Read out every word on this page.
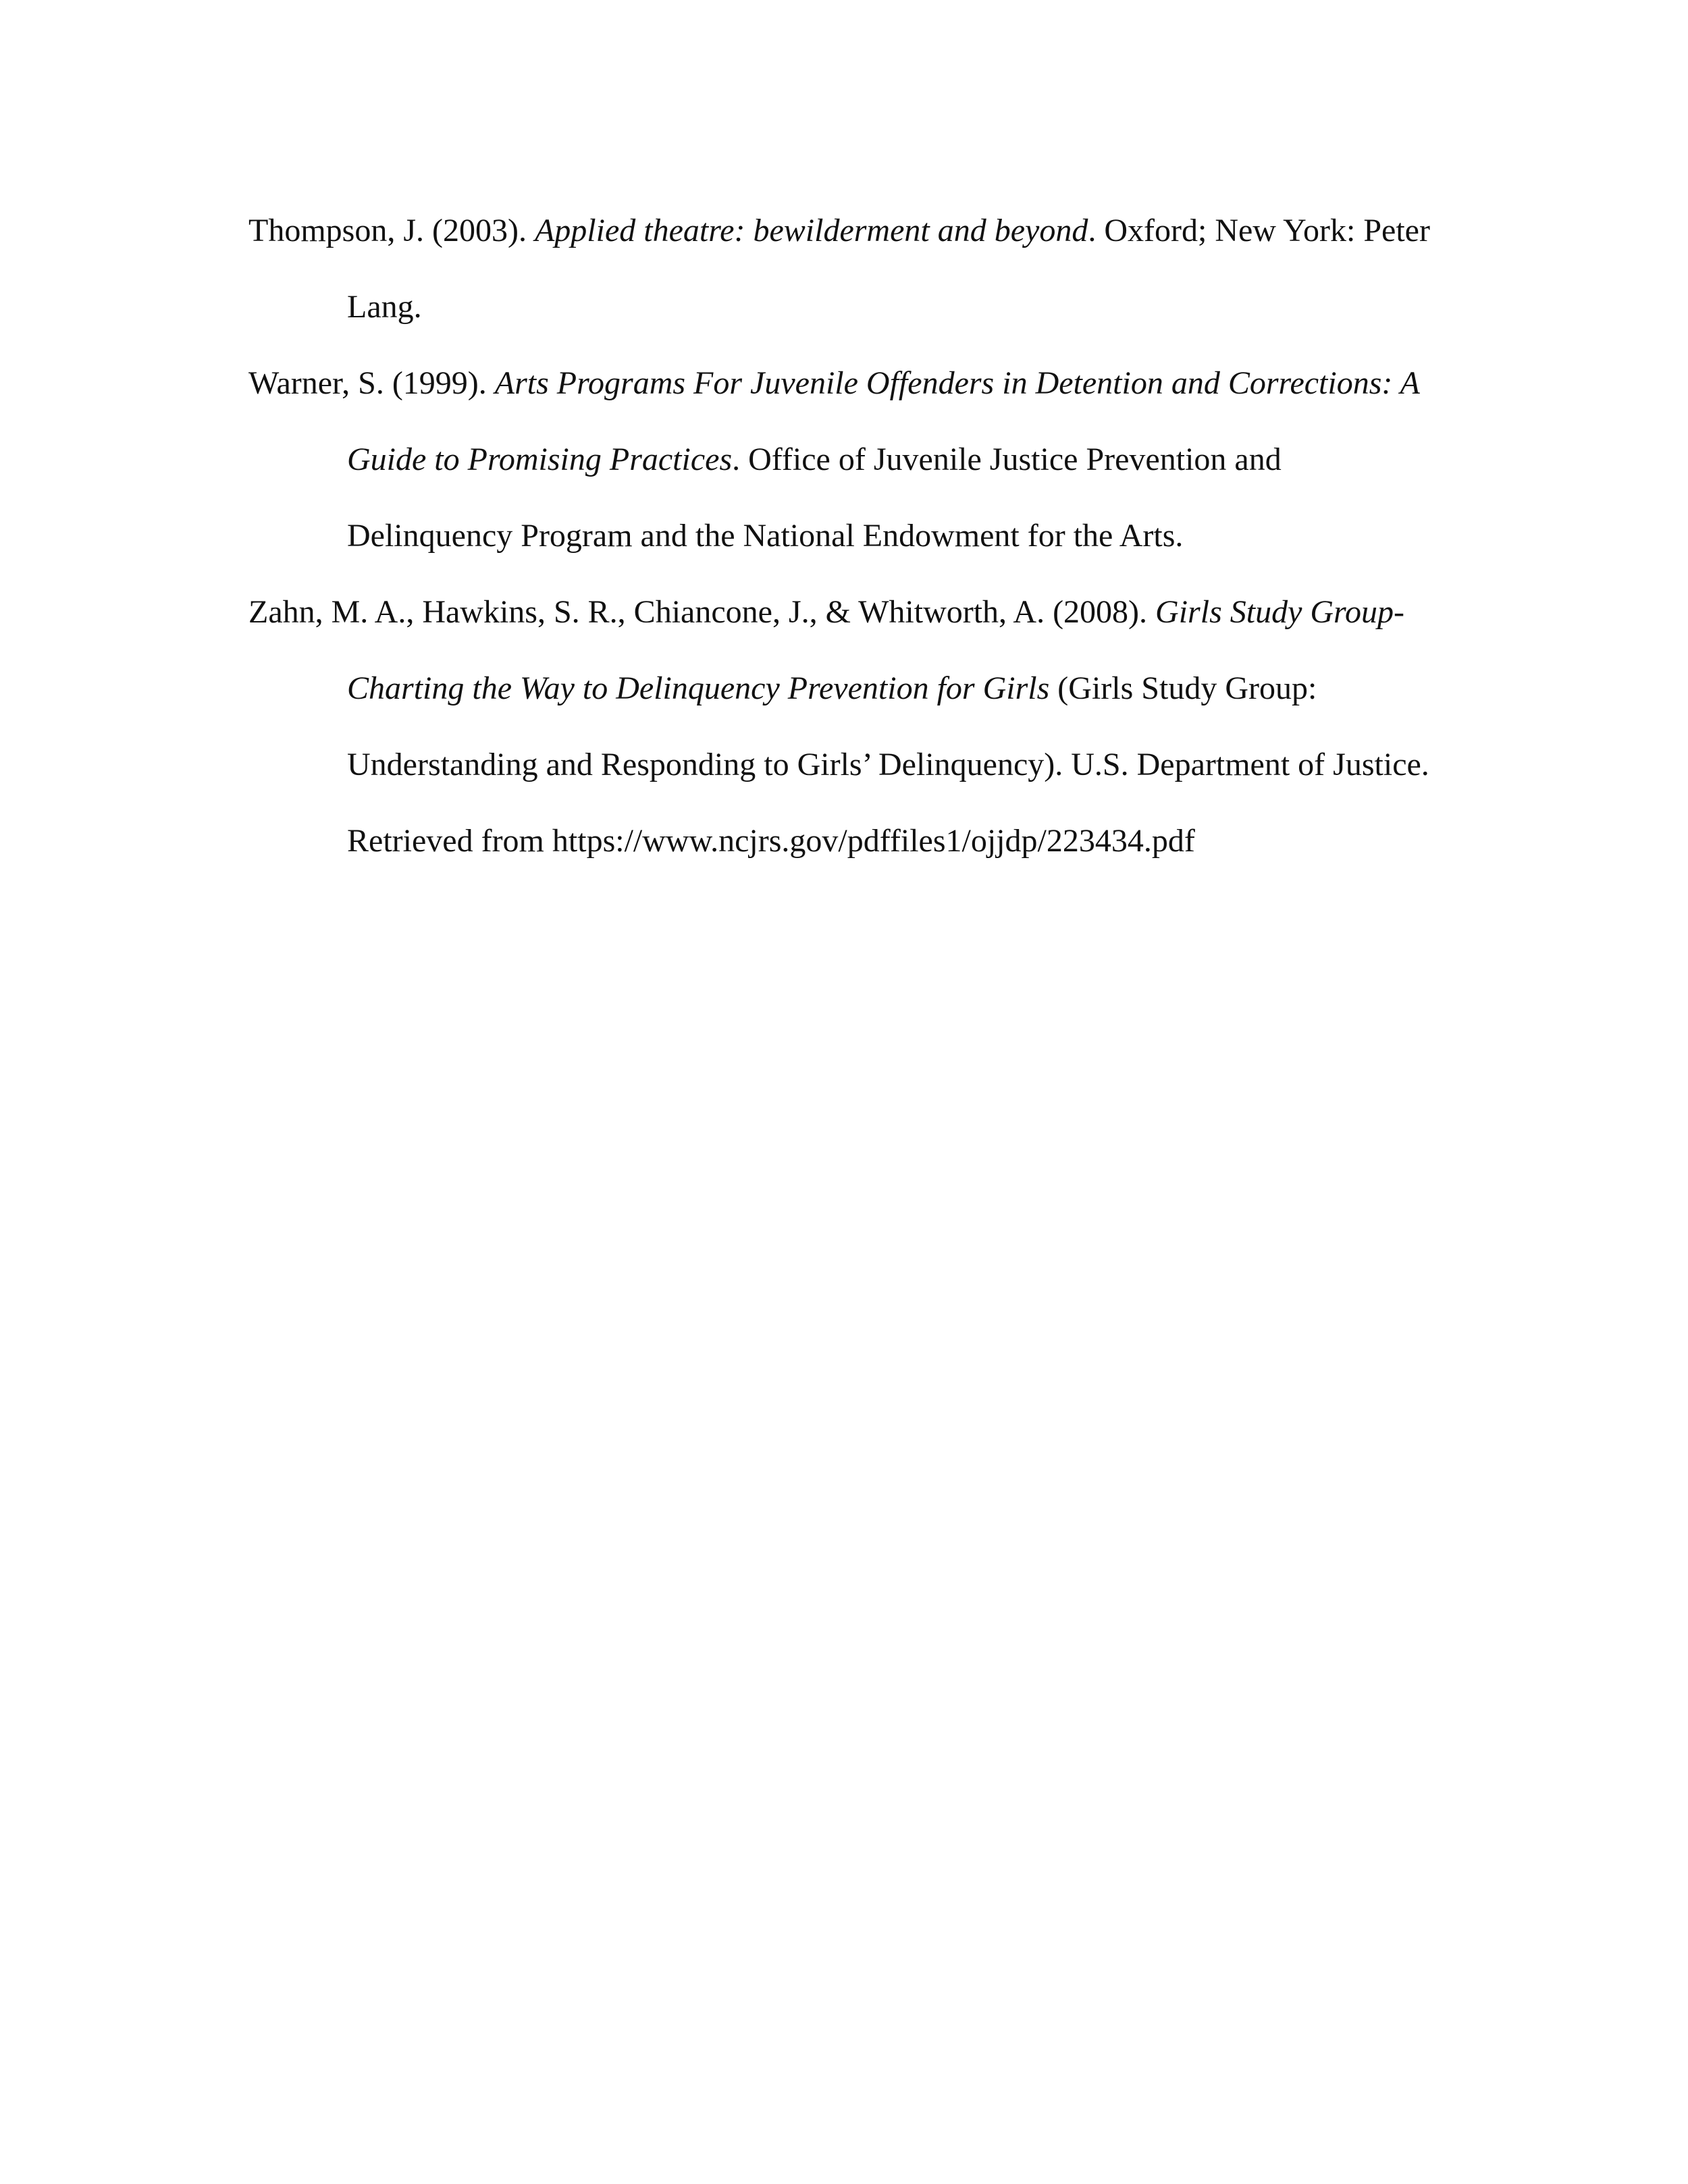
Thompson, J. (2003). Applied theatre: bewilderment and beyond. Oxford; New York: Peter Lang.

Warner, S. (1999). Arts Programs For Juvenile Offenders in Detention and Corrections: A Guide to Promising Practices. Office of Juvenile Justice Prevention and Delinquency Program and the National Endowment for the Arts.

Zahn, M. A., Hawkins, S. R., Chiancone, J., & Whitworth, A. (2008). Girls Study Group-Charting the Way to Delinquency Prevention for Girls (Girls Study Group: Understanding and Responding to Girls’ Delinquency). U.S. Department of Justice. Retrieved from https://www.ncjrs.gov/pdffiles1/ojjdp/223434.pdf
